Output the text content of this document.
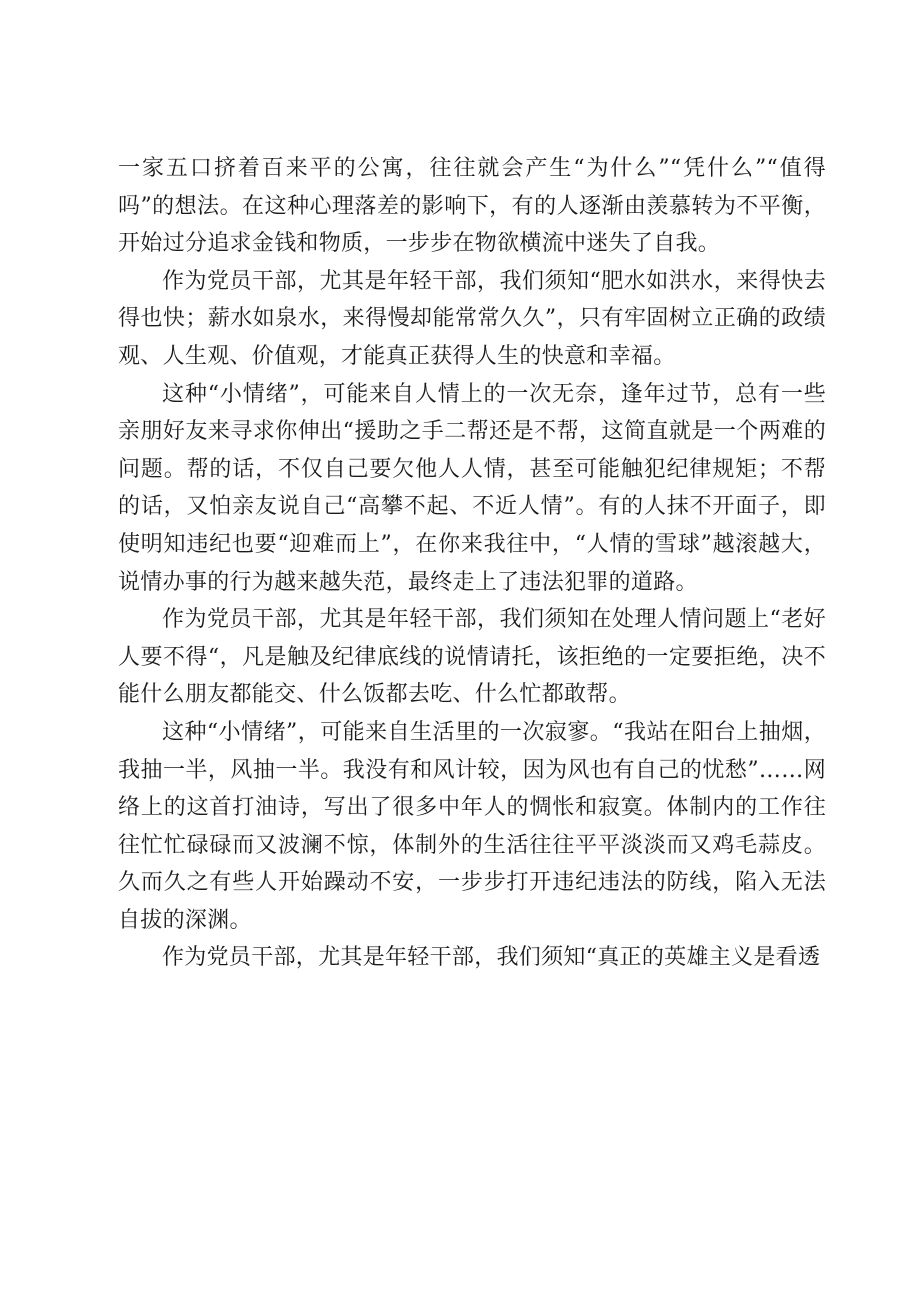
一家五口挤着百来平的公寓，往往就会产生“为什么”“凭什么”“值得吗”的想法。在这种心理落差的影响下，有的人逐渐由羡慕转为不平衡，开始过分追求金钱和物质，一步步在物欲横流中迷失了自我。

作为党员干部，尤其是年轻干部，我们须知“肥水如洪水，来得快去得也快；薪水如泉水，来得慢却能常常久久”，只有牢固树立正确的政绩观、人生观、价值观，才能真正获得人生的快意和幸福。

这种“小情绪”，可能来自人情上的一次无奈，逢年过节，总有一些亲朋好友来寻求你伸出“援助之手二帮还是不帮，这简直就是一个两难的问题。帮的话，不仅自己要欠他人人情，甚至可能触犯纪律规矩；不帮的话，又怕亲友说自己“高攀不起、不近人情”。有的人抹不开面子，即使明知违纪也要“迎难而上”，在你来我往中，“人情的雪球”越滚越大，说情办事的行为越来越失范，最终走上了违法犯罪的道路。

作为党员干部，尤其是年轻干部，我们须知在处理人情问题上“老好人要不得“，凡是触及纪律底线的说情请托，该拒绝的一定要拒绝，决不能什么朋友都能交、什么饭都去吃、什么忙都敢帮。

这种“小情绪”，可能来自生活里的一次寂寥。“我站在阳台上抽烟，我抽一半，风抽一半。我没有和风计较，因为风也有自己的忧愁”……网络上的这首打油诗，写出了很多中年人的惆怅和寂寞。体制内的工作往往忙忙碌碌而又波澜不惊，体制外的生活往往平平淡淡而又鸡毛蒜皮。久而久之有些人开始躁动不安，一步步打开违纪违法的防线，陷入无法自拔的深渊。

作为党员干部，尤其是年轻干部，我们须知“真正的英雄主义是看透
